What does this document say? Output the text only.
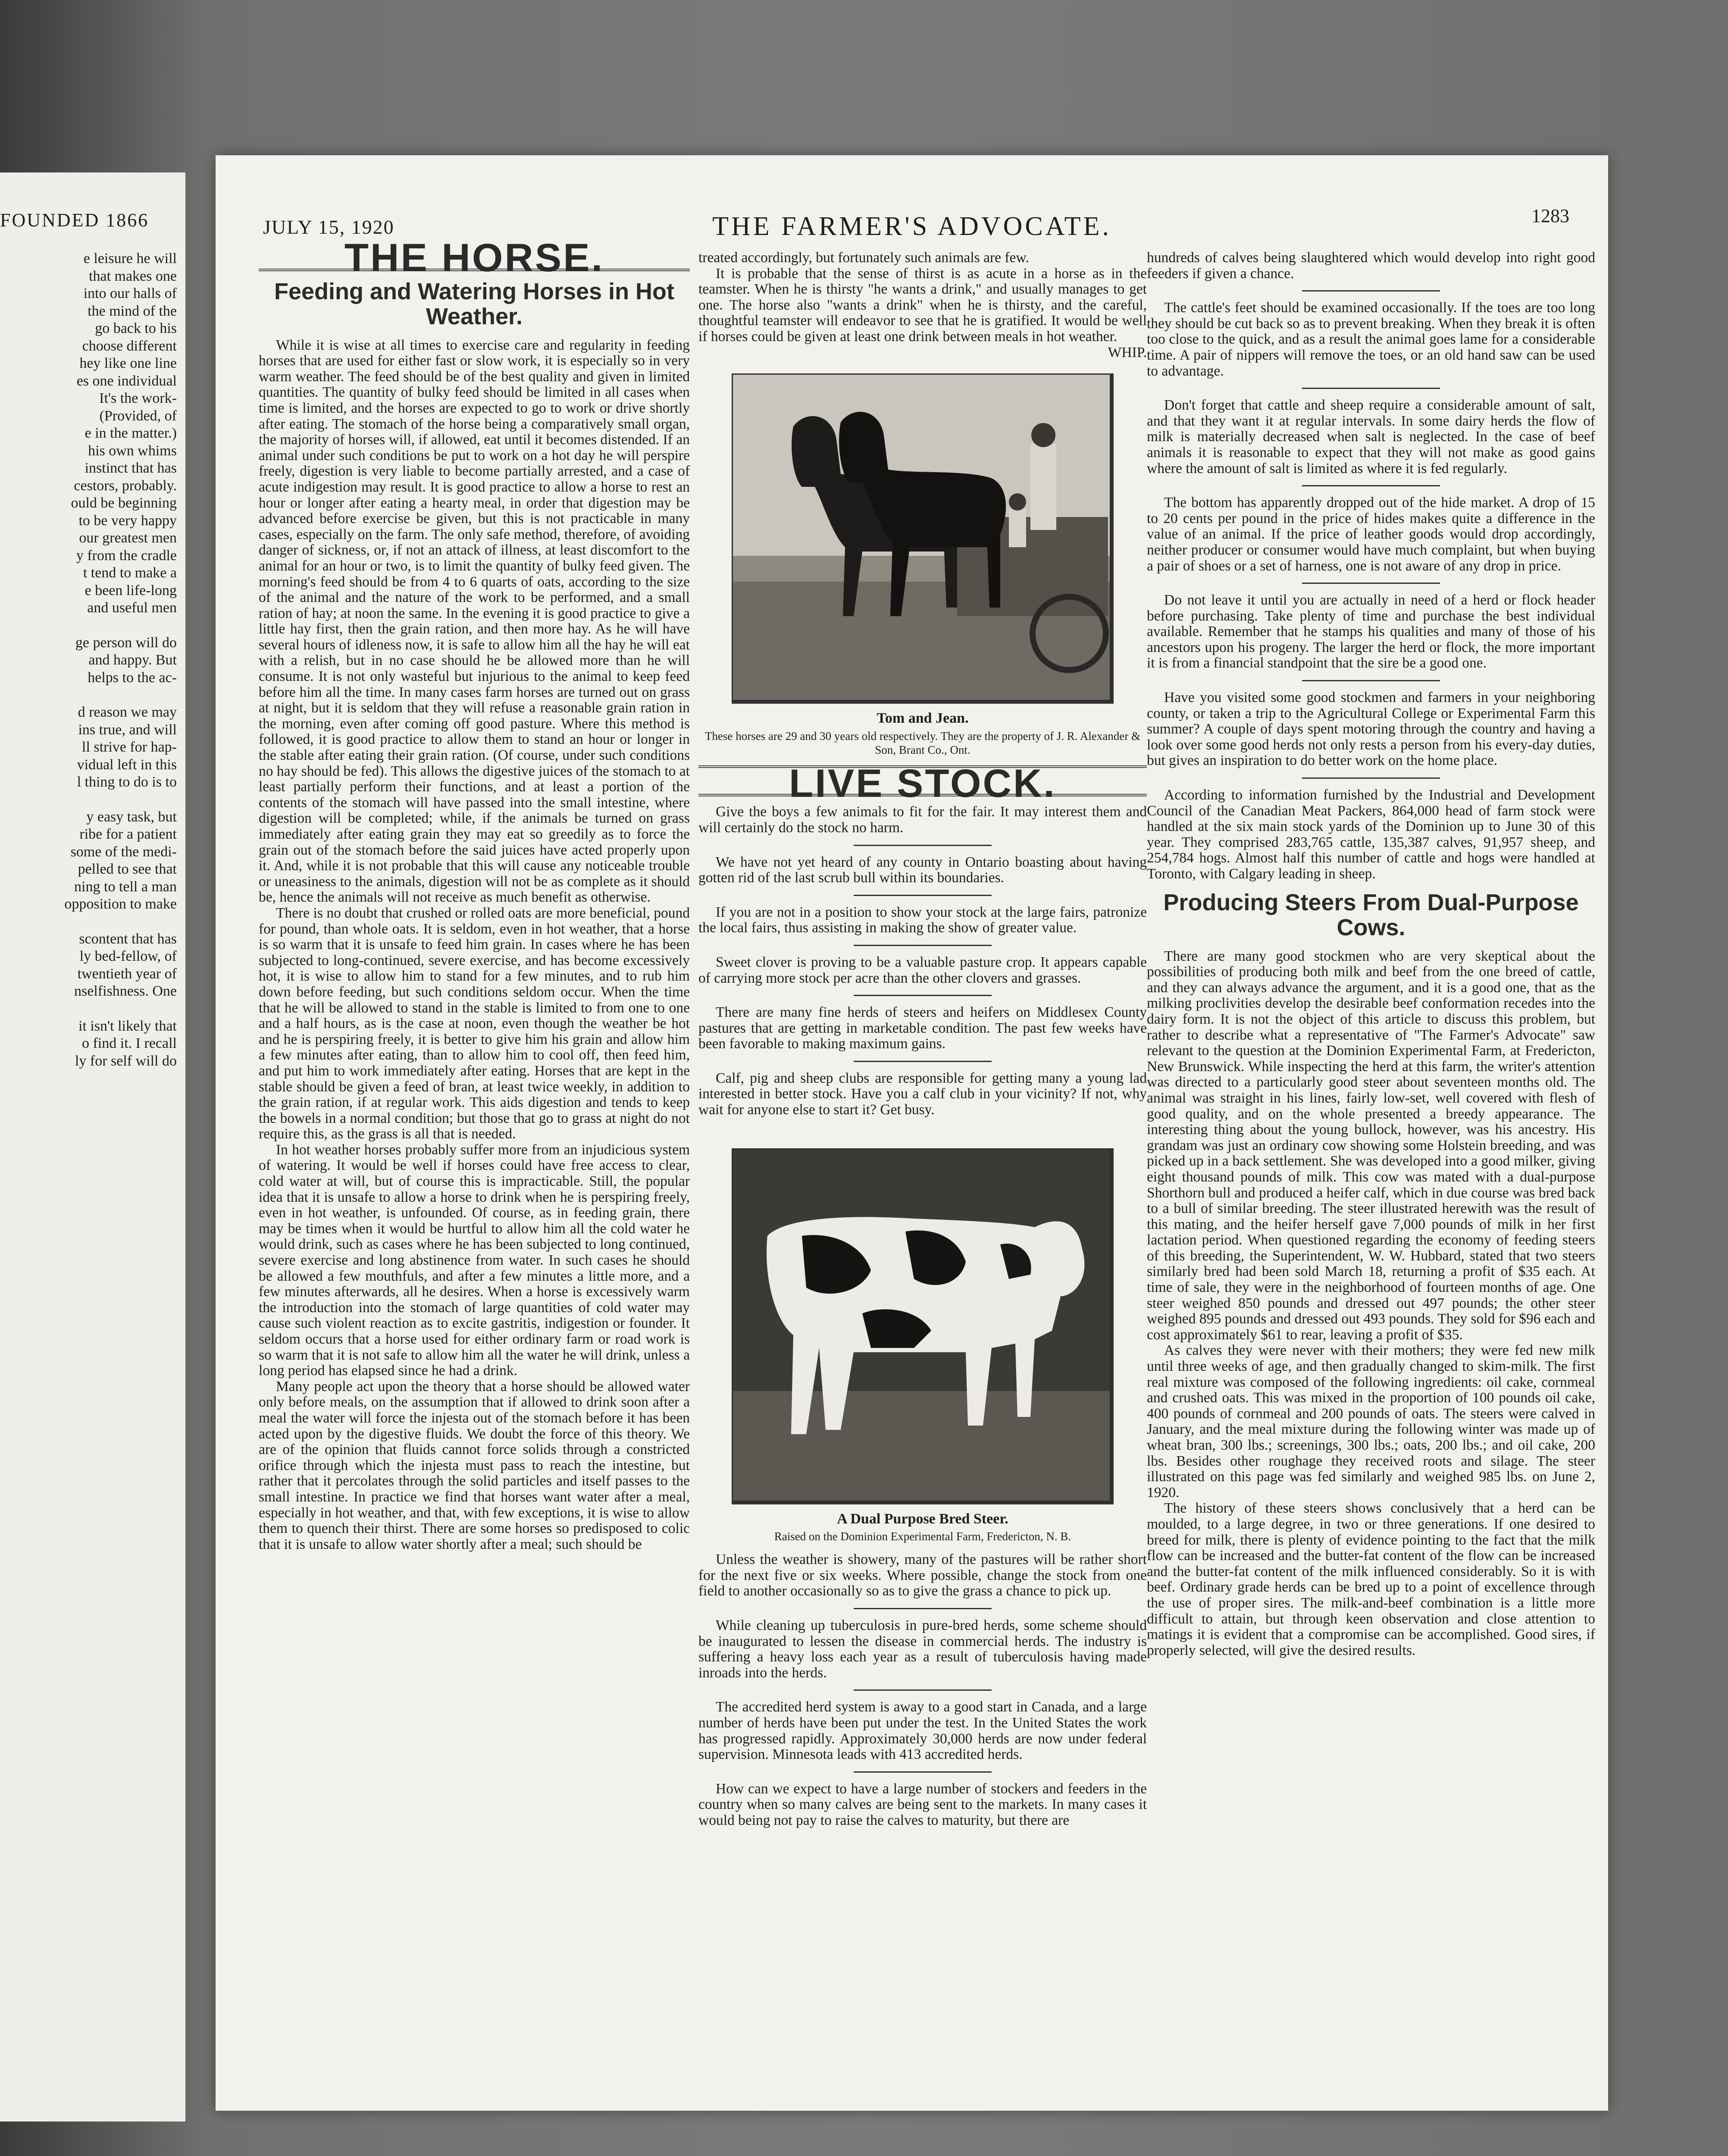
FOUNDED 1866

e leisure he will

that makes one

into our halls of

the mind of the

go back to his

choose different

hey like one line

es one individual

It's the work-

(Provided, of

e in the matter.)

his own whims

instinct that has

cestors, probably.

ould be beginning

to be very happy

our greatest men

y from the cradle

t tend to make a

e been life-long

and useful men

ge person will do

and happy. But

helps to the ac-

d reason we may

ins true, and will

ll strive for hap-

vidual left in this

l thing to do is to

y easy task, but

ribe for a patient

some of the medi-

pelled to see that

ning to tell a man

opposition to make

scontent that has

ly bed-fellow, of

twentieth year of

nselfishness. One

it isn't likely that

o find it. I recall

ly for self will do

JULY 15, 1920	THE FARMER'S ADVOCATE.	1283
THE HORSE.
Feeding and Watering Horses in Hot Weather.

While it is wise at all times to exercise care and regularity in feeding horses that are used for either fast or slow work, it is especially so in very warm weather. The feed should be of the best quality and given in limited quantities. The quantity of bulky feed should be limited in all cases when time is limited, and the horses are expected to go to work or drive shortly after eating. The stomach of the horse being a comparatively small organ, the majority of horses will, if allowed, eat until it becomes distended. If an animal under such conditions be put to work on a hot day he will perspire freely, digestion is very liable to become partially arrested, and a case of acute indigestion may result. It is good practice to allow a horse to rest an hour or longer after eating a hearty meal, in order that digestion may be advanced before exercise be given, but this is not practicable in many cases, especially on the farm. The only safe method, therefore, of avoiding danger of sickness, or, if not an attack of illness, at least discomfort to the animal for an hour or two, is to limit the quantity of bulky feed given. The morning's feed should be from 4 to 6 quarts of oats, according to the size of the animal and the nature of the work to be performed, and a small ration of hay; at noon the same. In the evening it is good practice to give a little hay first, then the grain ration, and then more hay. As he will have several hours of idleness now, it is safe to allow him all the hay he will eat with a relish, but in no case should he be allowed more than he will consume. It is not only wasteful but injurious to the animal to keep feed before him all the time. In many cases farm horses are turned out on grass at night, but it is seldom that they will refuse a reasonable grain ration in the morning, even after coming off good pasture. Where this method is followed, it is good practice to allow them to stand an hour or longer in the stable after eating their grain ration. (Of course, under such conditions no hay should be fed). This allows the digestive juices of the stomach to at least partially perform their functions, and at least a portion of the contents of the stomach will have passed into the small intestine, where digestion will be completed; while, if the animals be turned on grass immediately after eating grain they may eat so greedily as to force the grain out of the stomach before the said juices have acted properly upon it. And, while it is not probable that this will cause any noticeable trouble or uneasiness to the animals, digestion will not be as complete as it should be, hence the animals will not receive as much benefit as otherwise.

There is no doubt that crushed or rolled oats are more beneficial, pound for pound, than whole oats. It is seldom, even in hot weather, that a horse is so warm that it is unsafe to feed him grain. In cases where he has been subjected to long-continued, severe exercise, and has become excessively hot, it is wise to allow him to stand for a few minutes, and to rub him down before feeding, but such conditions seldom occur. When the time that he will be allowed to stand in the stable is limited to from one to one and a half hours, as is the case at noon, even though the weather be hot and he is perspiring freely, it is better to give him his grain and allow him a few minutes after eating, than to allow him to cool off, then feed him, and put him to work immediately after eating. Horses that are kept in the stable should be given a feed of bran, at least twice weekly, in addition to the grain ration, if at regular work. This aids digestion and tends to keep the bowels in a normal condition; but those that go to grass at night do not require this, as the grass is all that is needed.

In hot weather horses probably suffer more from an injudicious system of watering. It would be well if horses could have free access to clear, cold water at will, but of course this is impracticable. Still, the popular idea that it is unsafe to allow a horse to drink when he is perspiring freely, even in hot weather, is unfounded. Of course, as in feeding grain, there may be times when it would be hurtful to allow him all the cold water he would drink, such as cases where he has been subjected to long continued, severe exercise and long abstinence from water. In such cases he should be allowed a few mouthfuls, and after a few minutes a little more, and a few minutes afterwards, all he desires. When a horse is excessively warm the introduction into the stomach of large quantities of cold water may cause such violent reaction as to excite gastritis, indigestion or founder. It seldom occurs that a horse used for either ordinary farm or road work is so warm that it is not safe to allow him all the water he will drink, unless a long period has elapsed since he had a drink.

Many people act upon the theory that a horse should be allowed water only before meals, on the assumption that if allowed to drink soon after a meal the water will force the injesta out of the stomach before it has been acted upon by the digestive fluids. We doubt the force of this theory. We are of the opinion that fluids cannot force solids through a constricted orifice through which the injesta must pass to reach the intestine, but rather that it percolates through the solid particles and itself passes to the small intestine. In practice we find that horses want water after a meal, especially in hot weather, and that, with few exceptions, it is wise to allow them to quench their thirst. There are some horses so predisposed to colic that it is unsafe to allow water shortly after a meal; such should be

treated accordingly, but fortunately such animals are few.

It is probable that the sense of thirst is as acute in a horse as in the teamster. When he is thirsty "he wants a drink," and usually manages to get one. The horse also "wants a drink" when he is thirsty, and the careful, thoughtful teamster will endeavor to see that he is gratified. It would be well if horses could be given at least one drink between meals in hot weather.

WHIP.

Tom and Jean.
These horses are 29 and 30 years old respectively. They are the property of J. R. Alexander & Son, Brant Co., Ont.
LIVE STOCK.

Give the boys a few animals to fit for the fair. It may interest them and will certainly do the stock no harm.

We have not yet heard of any county in Ontario boasting about having gotten rid of the last scrub bull within its boundaries.

If you are not in a position to show your stock at the large fairs, patronize the local fairs, thus assisting in making the show of greater value.

Sweet clover is proving to be a valuable pasture crop. It appears capable of carrying more stock per acre than the other clovers and grasses.

There are many fine herds of steers and heifers on Middlesex County pastures that are getting in marketable condition. The past few weeks have been favorable to making maximum gains.

Calf, pig and sheep clubs are responsible for getting many a young lad interested in better stock. Have you a calf club in your vicinity? If not, why wait for anyone else to start it? Get busy.

A Dual Purpose Bred Steer.
Raised on the Dominion Experimental Farm, Fredericton, N. B.

Unless the weather is showery, many of the pastures will be rather short for the next five or six weeks. Where possible, change the stock from one field to another occasionally so as to give the grass a chance to pick up.

While cleaning up tuberculosis in pure-bred herds, some scheme should be inaugurated to lessen the disease in commercial herds. The industry is suffering a heavy loss each year as a result of tuberculosis having made inroads into the herds.

The accredited herd system is away to a good start in Canada, and a large number of herds have been put under the test. In the United States the work has progressed rapidly. Approximately 30,000 herds are now under federal supervision. Minnesota leads with 413 accredited herds.

How can we expect to have a large number of stockers and feeders in the country when so many calves are being sent to the markets. In many cases it would being not pay to raise the calves to maturity, but there are

hundreds of calves being slaughtered which would develop into right good feeders if given a chance.

The cattle's feet should be examined occasionally. If the toes are too long they should be cut back so as to prevent breaking. When they break it is often too close to the quick, and as a result the animal goes lame for a considerable time. A pair of nippers will remove the toes, or an old hand saw can be used to advantage.

Don't forget that cattle and sheep require a considerable amount of salt, and that they want it at regular intervals. In some dairy herds the flow of milk is materially decreased when salt is neglected. In the case of beef animals it is reasonable to expect that they will not make as good gains where the amount of salt is limited as where it is fed regularly.

The bottom has apparently dropped out of the hide market. A drop of 15 to 20 cents per pound in the price of hides makes quite a difference in the value of an animal. If the price of leather goods would drop accordingly, neither producer or consumer would have much complaint, but when buying a pair of shoes or a set of harness, one is not aware of any drop in price.

Do not leave it until you are actually in need of a herd or flock header before purchasing. Take plenty of time and purchase the best individual available. Remember that he stamps his qualities and many of those of his ancestors upon his progeny. The larger the herd or flock, the more important it is from a financial standpoint that the sire be a good one.

Have you visited some good stockmen and farmers in your neighboring county, or taken a trip to the Agricultural College or Experimental Farm this summer? A couple of days spent motoring through the country and having a look over some good herds not only rests a person from his every-day duties, but gives an inspiration to do better work on the home place.

According to information furnished by the Industrial and Development Council of the Canadian Meat Packers, 864,000 head of farm stock were handled at the six main stock yards of the Dominion up to June 30 of this year. They comprised 283,765 cattle, 135,387 calves, 91,957 sheep, and 254,784 hogs. Almost half this number of cattle and hogs were handled at Toronto, with Calgary leading in sheep.

Producing Steers From Dual-Purpose Cows.

There are many good stockmen who are very skeptical about the possibilities of producing both milk and beef from the one breed of cattle, and they can always advance the argument, and it is a good one, that as the milking proclivities develop the desirable beef conformation recedes into the dairy form. It is not the object of this article to discuss this problem, but rather to describe what a representative of "The Farmer's Advocate" saw relevant to the question at the Dominion Experimental Farm, at Fredericton, New Brunswick. While inspecting the herd at this farm, the writer's attention was directed to a particularly good steer about seventeen months old. The animal was straight in his lines, fairly low-set, well covered with flesh of good quality, and on the whole presented a breedy appearance. The interesting thing about the young bullock, however, was his ancestry. His grandam was just an ordinary cow showing some Holstein breeding, and was picked up in a back settlement. She was developed into a good milker, giving eight thousand pounds of milk. This cow was mated with a dual-purpose Shorthorn bull and produced a heifer calf, which in due course was bred back to a bull of similar breeding. The steer illustrated herewith was the result of this mating, and the heifer herself gave 7,000 pounds of milk in her first lactation period. When questioned regarding the economy of feeding steers of this breeding, the Superintendent, W. W. Hubbard, stated that two steers similarly bred had been sold March 18, returning a profit of $35 each. At time of sale, they were in the neighborhood of fourteen months of age. One steer weighed 850 pounds and dressed out 497 pounds; the other steer weighed 895 pounds and dressed out 493 pounds. They sold for $96 each and cost approximately $61 to rear, leaving a profit of $35.

As calves they were never with their mothers; they were fed new milk until three weeks of age, and then gradually changed to skim-milk. The first real mixture was composed of the following ingredients: oil cake, cornmeal and crushed oats. This was mixed in the proportion of 100 pounds oil cake, 400 pounds of cornmeal and 200 pounds of oats. The steers were calved in January, and the meal mixture during the following winter was made up of wheat bran, 300 lbs.; screenings, 300 lbs.; oats, 200 lbs.; and oil cake, 200 lbs. Besides other roughage they received roots and silage. The steer illustrated on this page was fed similarly and weighed 985 lbs. on June 2, 1920.

The history of these steers shows conclusively that a herd can be moulded, to a large degree, in two or three generations. If one desired to breed for milk, there is plenty of evidence pointing to the fact that the milk flow can be increased and the butter-fat content of the flow can be increased and the butter-fat content of the milk influenced considerably. So it is with beef. Ordinary grade herds can be bred up to a point of excellence through the use of proper sires. The milk-and-beef combination is a little more difficult to attain, but through keen observation and close attention to matings it is evident that a compromise can be accomplished. Good sires, if properly selected, will give the desired results.
